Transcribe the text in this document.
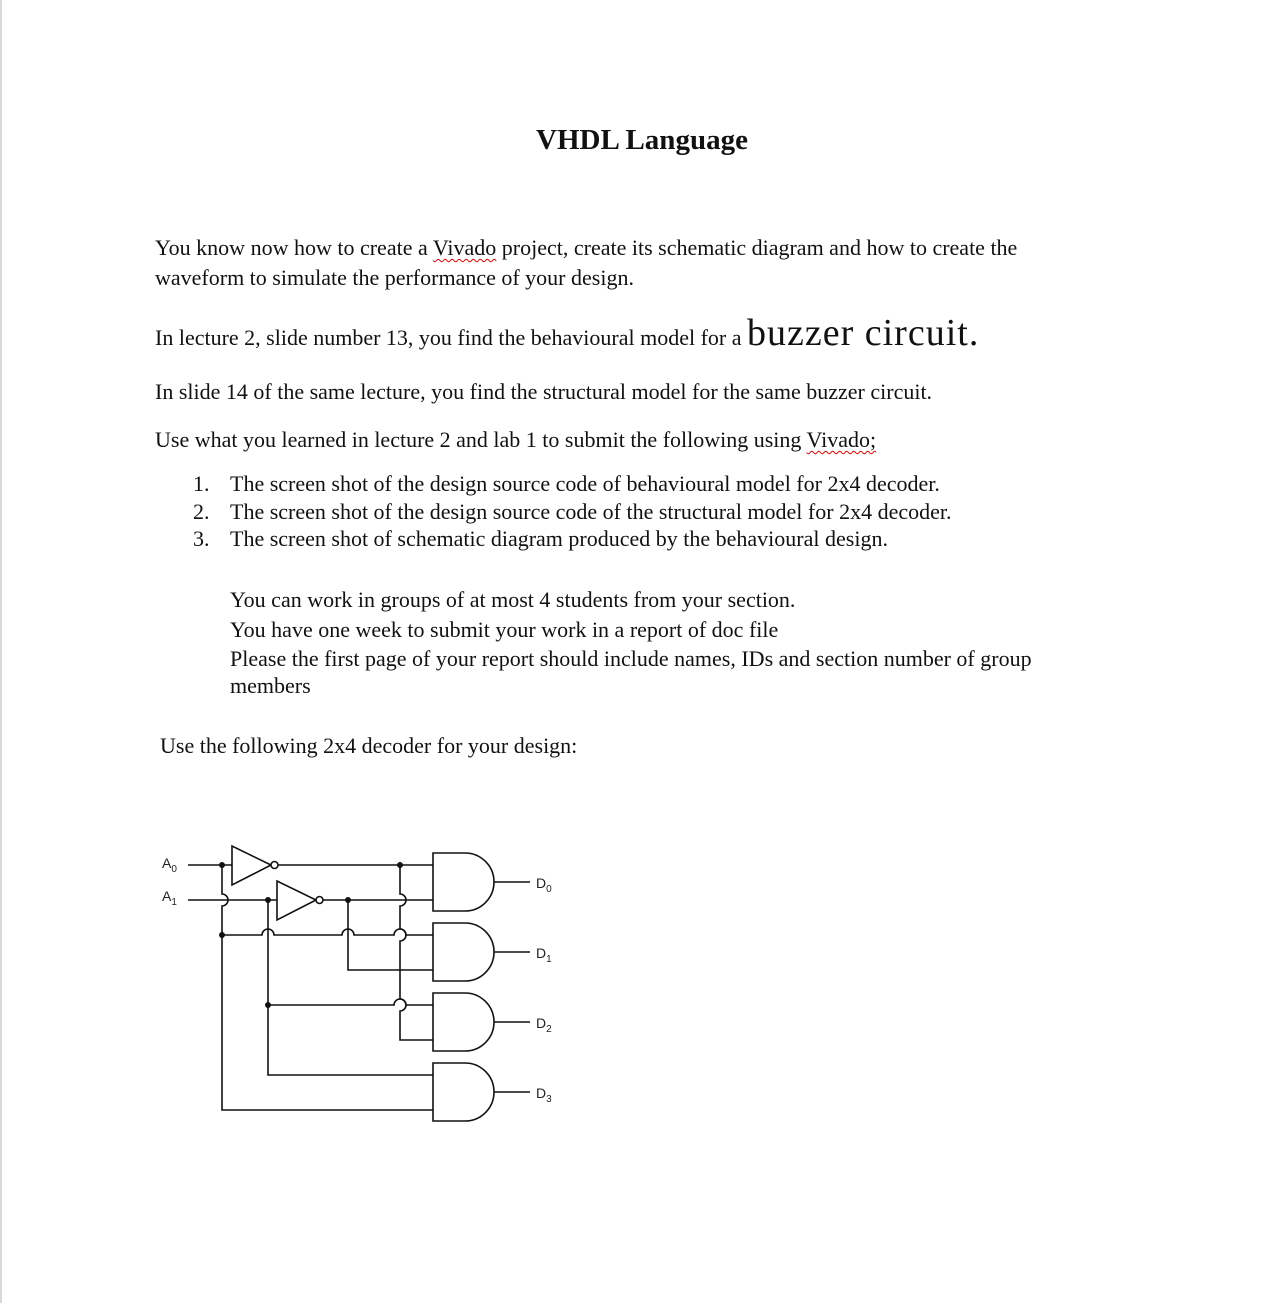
VHDL Language

You know now how to create a Vivado project, create its schematic diagram and how to create the
waveform to simulate the performance of your design.

In lecture 2, slide number 13, you find the behavioural model for a buzzer circuit.

In slide 14 of the same lecture, you find the structural model for the same buzzer circuit.

Use what you learned in lecture 2 and lab 1 to submit the following using Vivado;

1. The screen shot of the design source code of behavioural model for 2x4 decoder.
2. The screen shot of the design source code of the structural model for 2x4 decoder.
3. The screen shot of schematic diagram produced by the behavioural design.
You can work in groups of at most 4 students from your section.
You have one week to submit your work in a report of doc file
Please the first page of your report should include names, IDs and section number of group
members

Use the following 2x4 decoder for your design:

$A_0$
$A_1$
$D_0$
$D_1$
$D_2$
$D_3$
